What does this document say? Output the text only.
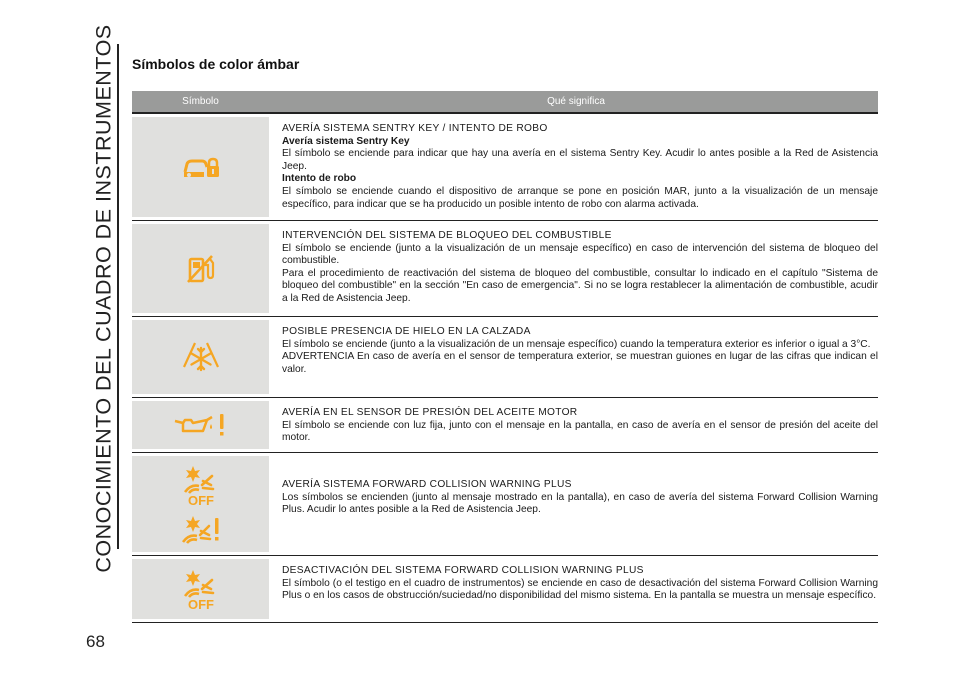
CONOCIMIENTO DEL CUADRO DE INSTRUMENTOS
68
Símbolos de color ámbar
Símbolo	Qué significa
AVERÍA SISTEMA SENTRY KEY / INTENTO DE ROBO
Avería sistema Sentry Key
El símbolo se enciende para indicar que hay una avería en el sistema Sentry Key. Acudir lo antes posible a la Red de Asistencia Jeep.
Intento de robo
El símbolo se enciende cuando el dispositivo de arranque se pone en posición MAR, junto a la visualización de un mensaje específico, para indicar que se ha producido un posible intento de robo con alarma activada.
INTERVENCIÓN DEL SISTEMA DE BLOQUEO DEL COMBUSTIBLE
El símbolo se enciende (junto a la visualización de un mensaje específico) en caso de intervención del sistema de bloqueo del combustible.
Para el procedimiento de reactivación del sistema de bloqueo del combustible, consultar lo indicado en el capítulo "Sistema de bloqueo del combustible" en la sección "En caso de emergencia". Si no se logra restablecer la alimentación de combustible, acudir a la Red de Asistencia Jeep.
POSIBLE PRESENCIA DE HIELO EN LA CALZADA
El símbolo se enciende (junto a la visualización de un mensaje específico) cuando la temperatura exterior es inferior o igual a 3°C.
ADVERTENCIA En caso de avería en el sensor de temperatura exterior, se muestran guiones en lugar de las cifras que indican el valor.
AVERÍA EN EL SENSOR DE PRESIÓN DEL ACEITE MOTOR
El símbolo se enciende con luz fija, junto con el mensaje en la pantalla, en caso de avería en el sensor de presión del aceite del motor.
OFF
AVERÍA SISTEMA FORWARD COLLISION WARNING PLUS
Los símbolos se encienden (junto al mensaje mostrado en la pantalla), en caso de avería del sistema Forward Collision Warning Plus. Acudir lo antes posible a la Red de Asistencia Jeep.
OFF
DESACTIVACIÓN DEL SISTEMA FORWARD COLLISION WARNING PLUS
El símbolo (o el testigo en el cuadro de instrumentos) se enciende en caso de desactivación del sistema Forward Collision Warning Plus o en los casos de obstrucción/suciedad/no disponibilidad del mismo sistema. En la pantalla se muestra un mensaje específico.
